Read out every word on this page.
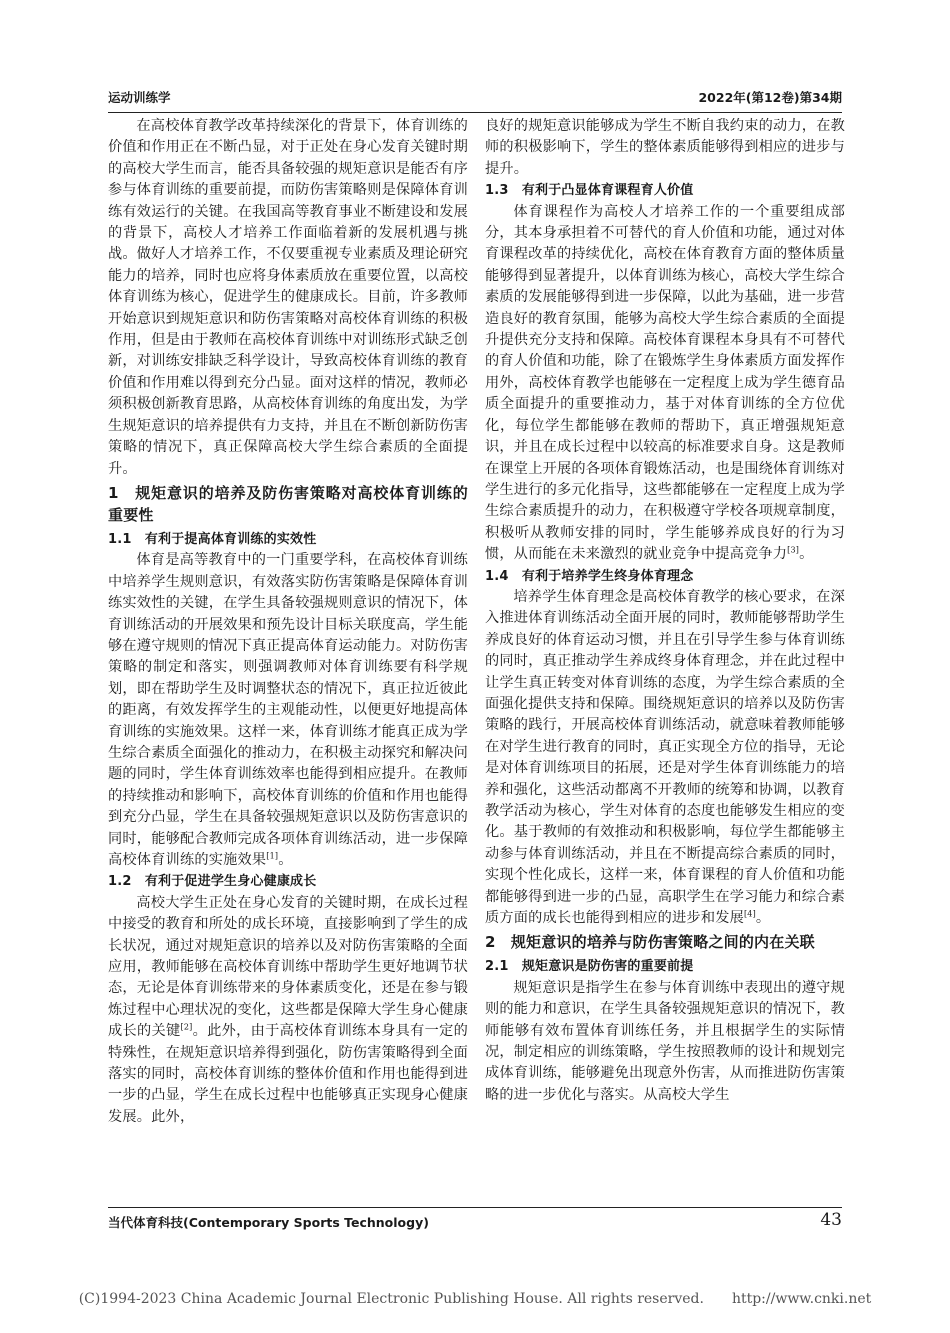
运动训练学	2022年(第12卷)第34期

在高校体育教学改革持续深化的背景下，体育训练的价值和作用正在不断凸显，对于正处在身心发育关键时期的高校大学生而言，能否具备较强的规矩意识是能否有序参与体育训练的重要前提，而防伤害策略则是保障体育训练有效运行的关键。在我国高等教育事业不断建设和发展的背景下，高校人才培养工作面临着新的发展机遇与挑战。做好人才培养工作，不仅要重视专业素质及理论研究能力的培养，同时也应将身体素质放在重要位置，以高校体育训练为核心，促进学生的健康成长。目前，许多教师开始意识到规矩意识和防伤害策略对高校体育训练的积极作用，但是由于教师在高校体育训练中对训练形式缺乏创新，对训练安排缺乏科学设计，导致高校体育训练的教育价值和作用难以得到充分凸显。面对这样的情况，教师必须积极创新教育思路，从高校体育训练的角度出发，为学生规矩意识的培养提供有力支持，并且在不断创新防伤害策略的情况下，真正保障高校大学生综合素质的全面提升。

1　规矩意识的培养及防伤害策略对高校体育训练的重要性
1.1　有利于提高体育训练的实效性

体育是高等教育中的一门重要学科，在高校体育训练中培养学生规则意识，有效落实防伤害策略是保障体育训练实效性的关键，在学生具备较强规则意识的情况下，体育训练活动的开展效果和预先设计目标关联度高，学生能够在遵守规则的情况下真正提高体育运动能力。对防伤害策略的制定和落实，则强调教师对体育训练要有科学规划，即在帮助学生及时调整状态的情况下，真正拉近彼此的距离，有效发挥学生的主观能动性，以便更好地提高体育训练的实施效果。这样一来，体育训练才能真正成为学生综合素质全面强化的推动力，在积极主动探究和解决问题的同时，学生体育训练效率也能得到相应提升。在教师的持续推动和影响下，高校体育训练的价值和作用也能得到充分凸显，学生在具备较强规矩意识以及防伤害意识的同时，能够配合教师完成各项体育训练活动，进一步保障高校体育训练的实施效果[1]。

1.2　有利于促进学生身心健康成长

高校大学生正处在身心发育的关键时期，在成长过程中接受的教育和所处的成长环境，直接影响到了学生的成长状况，通过对规矩意识的培养以及对防伤害策略的全面应用，教师能够在高校体育训练中帮助学生更好地调节状态，无论是体育训练带来的身体素质变化，还是在参与锻炼过程中心理状况的变化，这些都是保障大学生身心健康成长的关键[2]。此外，由于高校体育训练本身具有一定的特殊性，在规矩意识培养得到强化，防伤害策略得到全面落实的同时，高校体育训练的整体价值和作用也能得到进一步的凸显，学生在成长过程中也能够真正实现身心健康发展。此外，

良好的规矩意识能够成为学生不断自我约束的动力，在教师的积极影响下，学生的整体素质能够得到相应的进步与提升。

1.3　有利于凸显体育课程育人价值

体育课程作为高校人才培养工作的一个重要组成部分，其本身承担着不可替代的育人价值和功能，通过对体育课程改革的持续优化，高校在体育教育方面的整体质量能够得到显著提升，以体育训练为核心，高校大学生综合素质的发展能够得到进一步保障，以此为基础，进一步营造良好的教育氛围，能够为高校大学生综合素质的全面提升提供充分支持和保障。高校体育课程本身具有不可替代的育人价值和功能，除了在锻炼学生身体素质方面发挥作用外，高校体育教学也能够在一定程度上成为学生德育品质全面提升的重要推动力，基于对体育训练的全方位优化，每位学生都能够在教师的帮助下，真正增强规矩意识，并且在成长过程中以较高的标准要求自身。这是教师在课堂上开展的各项体育锻炼活动，也是围绕体育训练对学生进行的多元化指导，这些都能够在一定程度上成为学生综合素质提升的动力，在积极遵守学校各项规章制度，积极听从教师安排的同时，学生能够养成良好的行为习惯，从而能在未来激烈的就业竞争中提高竞争力[3]。

1.4　有利于培养学生终身体育理念

培养学生体育理念是高校体育教学的核心要求，在深入推进体育训练活动全面开展的同时，教师能够帮助学生养成良好的体育运动习惯，并且在引导学生参与体育训练的同时，真正推动学生养成终身体育理念，并在此过程中让学生真正转变对体育训练的态度，为学生综合素质的全面强化提供支持和保障。围绕规矩意识的培养以及防伤害策略的践行，开展高校体育训练活动，就意味着教师能够在对学生进行教育的同时，真正实现全方位的指导，无论是对体育训练项目的拓展，还是对学生体育训练能力的培养和强化，这些活动都离不开教师的统筹和协调，以教育教学活动为核心，学生对体育的态度也能够发生相应的变化。基于教师的有效推动和积极影响，每位学生都能够主动参与体育训练活动，并且在不断提高综合素质的同时，实现个性化成长，这样一来，体育课程的育人价值和功能都能够得到进一步的凸显，高职学生在学习能力和综合素质方面的成长也能得到相应的进步和发展[4]。

2　规矩意识的培养与防伤害策略之间的内在关联
2.1　规矩意识是防伤害的重要前提

规矩意识是指学生在参与体育训练中表现出的遵守规则的能力和意识，在学生具备较强规矩意识的情况下，教师能够有效布置体育训练任务，并且根据学生的实际情况，制定相应的训练策略，学生按照教师的设计和规划完成体育训练，能够避免出现意外伤害，从而推进防伤害策略的进一步优化与落实。从高校大学生

当代体育科技(Contemporary Sports Technology)	43
(C)1994-2023 China Academic Journal Electronic Publishing House. All rights reserved.　　http://www.cnki.net
